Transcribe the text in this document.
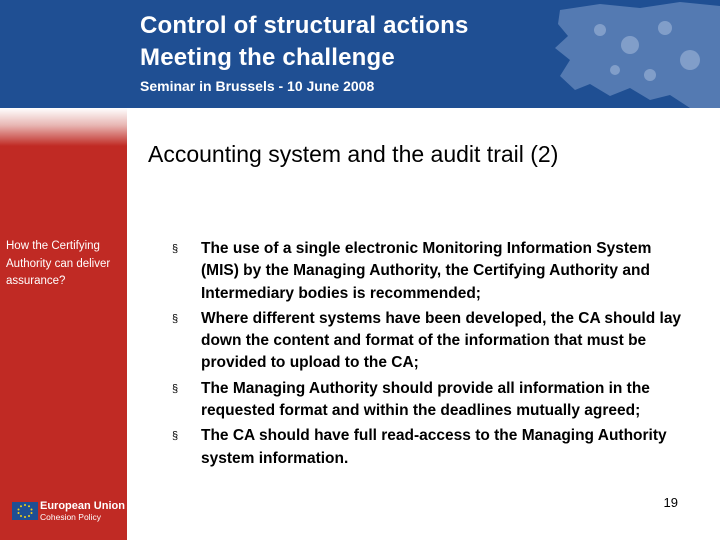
Control of structural actions
Meeting the challenge
Seminar in Brussels - 10 June 2008
How the Certifying Authority can deliver assurance?
European Union
Cohesion Policy
Accounting system and the audit trail (2)
§ The use of a single electronic Monitoring Information System (MIS) by the Managing Authority, the Certifying Authority and Intermediary bodies is recommended;
§ Where different systems have been developed, the CA should lay down the content and format of the information that must be provided to upload to the CA;
§ The Managing Authority should provide all information in the requested format and within the deadlines mutually agreed;
§ The CA should have full read-access to the Managing Authority system information.
19
